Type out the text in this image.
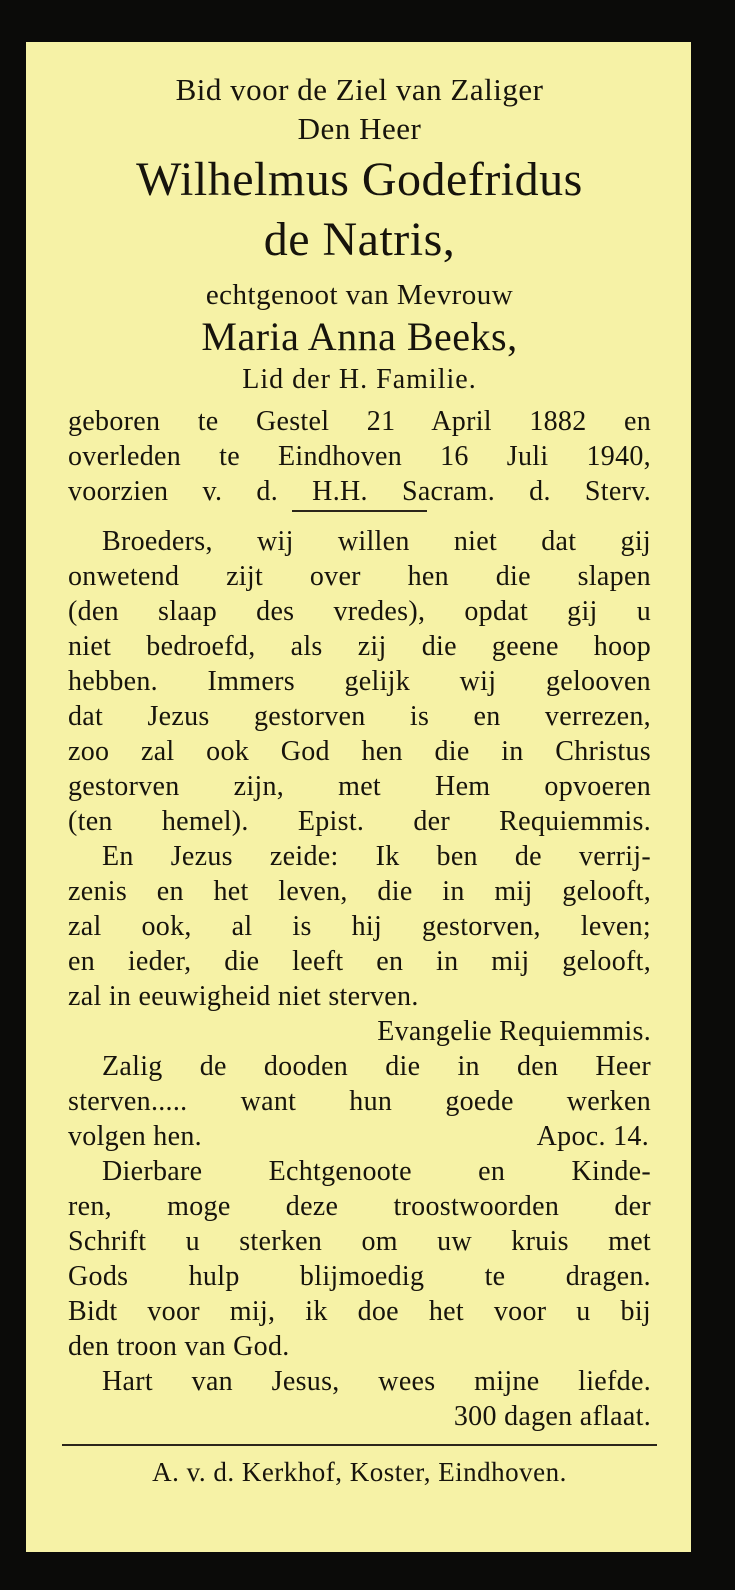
Bid voor de Ziel van Zaliger
Den Heer
Wilhelmus Godefridus
de Natris,
echtgenoot van Mevrouw
Maria Anna Beeks,
Lid der H. Familie.
geboren te Gestel 21 April 1882 en
overleden te Eindhoven 16 Juli 1940,
voorzien v. d. H.H. Sacram. d. Sterv.
Broeders, wij willen niet dat gij
onwetend zijt over hen die slapen
(den slaap des vredes), opdat gij u
niet bedroefd, als zij die geene hoop
hebben. Immers gelijk wij gelooven
dat Jezus gestorven is en verrezen,
zoo zal ook God hen die in Christus
gestorven zijn, met Hem opvoeren
(ten hemel). Epist. der Requiemmis.
En Jezus zeide: Ik ben de verrij-
zenis en het leven, die in mij gelooft,
zal ook, al is hij gestorven, leven;
en ieder, die leeft en in mij gelooft,
zal in eeuwigheid niet sterven.
Evangelie Requiemmis.
Zalig de dooden die in den Heer
sterven..... want hun goede werken
volgen hen.	Apoc. 14.
Dierbare Echtgenoote en Kinde-
ren, moge deze troostwoorden der
Schrift u sterken om uw kruis met
Gods hulp blijmoedig te dragen.
Bidt voor mij, ik doe het voor u bij
den troon van God.
Hart van Jesus, wees mijne liefde.
300 dagen aflaat.
A. v. d. Kerkhof, Koster, Eindhoven.
